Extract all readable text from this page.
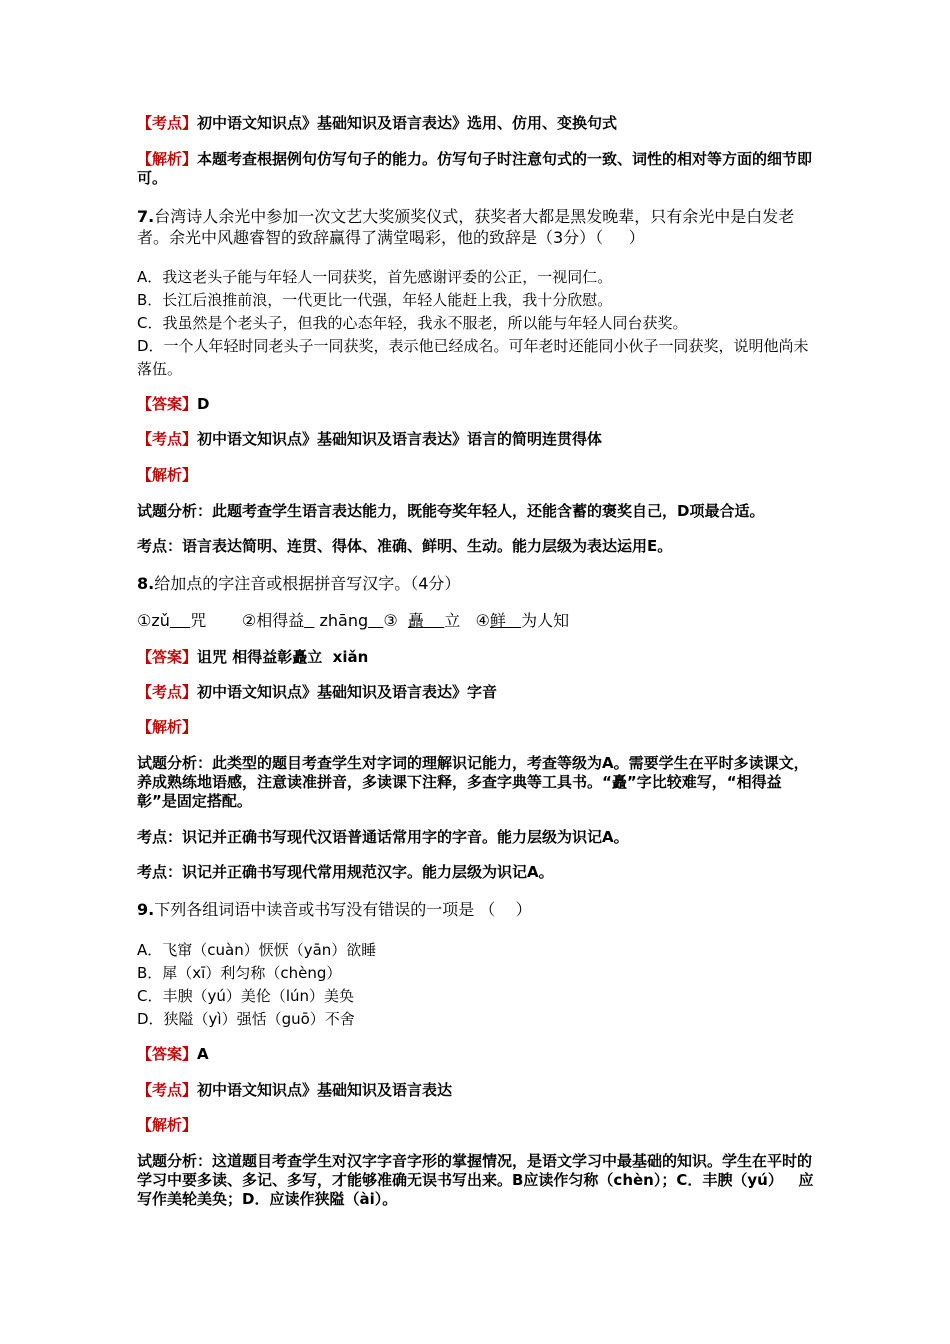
【考点】初中语文知识点》基础知识及语言表达》选用、仿用、变换句式

【解析】本题考查根据例句仿写句子的能力。仿写句子时注意句式的一致、词性的相对等方面的细节即可。

7.台湾诗人余光中参加一次文艺大奖颁奖仪式，获奖者大都是黑发晚辈，只有余光中是白发老者。余光中风趣睿智的致辞赢得了满堂喝彩，他的致辞是（3分）（     ）

A．我这老头子能与年轻人一同获奖，首先感谢评委的公正，一视同仁。

B．长江后浪推前浪，一代更比一代强，年轻人能赶上我，我十分欣慰。

C．我虽然是个老头子，但我的心态年轻，我永不服老，所以能与年轻人同台获奖。

D．一个人年轻时同老头子一同获奖，表示他已经成名。可年老时还能同小伙子一同获奖，说明他尚未落伍。

【答案】D

【考点】初中语文知识点》基础知识及语言表达》语言的简明连贯得体

【解析】

试题分析：此题考查学生语言表达能力，既能夸奖年轻人，还能含蓄的褒奖自己，D项最合适。

考点：语言表达简明、连贯、得体、准确、鲜明、生动。能力层级为表达运用E。

8.给加点的字注音或根据拼音写汉字。（4分）

①zǔ 咒 ②相得益 zhāng ③ 矗 立 ④鲜 为人知

【答案】诅咒 相得益彰矗立  xiǎn

【考点】初中语文知识点》基础知识及语言表达》字音

【解析】

试题分析：此类型的题目考查学生对字词的理解识记能力，考查等级为A。需要学生在平时多读课文，养成熟练地语感，注意读准拼音，多读课下注释，多查字典等工具书。“矗”字比较难写，“相得益彰”是固定搭配。

考点：识记并正确书写现代汉语普通话常用字的字音。能力层级为识记A。

考点：识记并正确书写现代常用规范汉字。能力层级为识记A。

9.下列各组词语中读音或书写没有错误的一项是 （    ）

A．飞窜（cuàn）恹恹（yān）欲睡

B．犀（xī）利匀称（chèng）

C．丰腴（yú）美伦（lún）美奂

D．狭隘（yì）强恬（guō）不舍

【答案】A

【考点】初中语文知识点》基础知识及语言表达

【解析】

试题分析：这道题目考查学生对汉字字音字形的掌握情况，是语文学习中最基础的知识。学生在平时的学习中要多读、多记、多写，才能够准确无误书写出来。B应读作匀称（chèn）；C．丰腴（yú）   应写作美轮美奂；D．应读作狭隘（ài）。
